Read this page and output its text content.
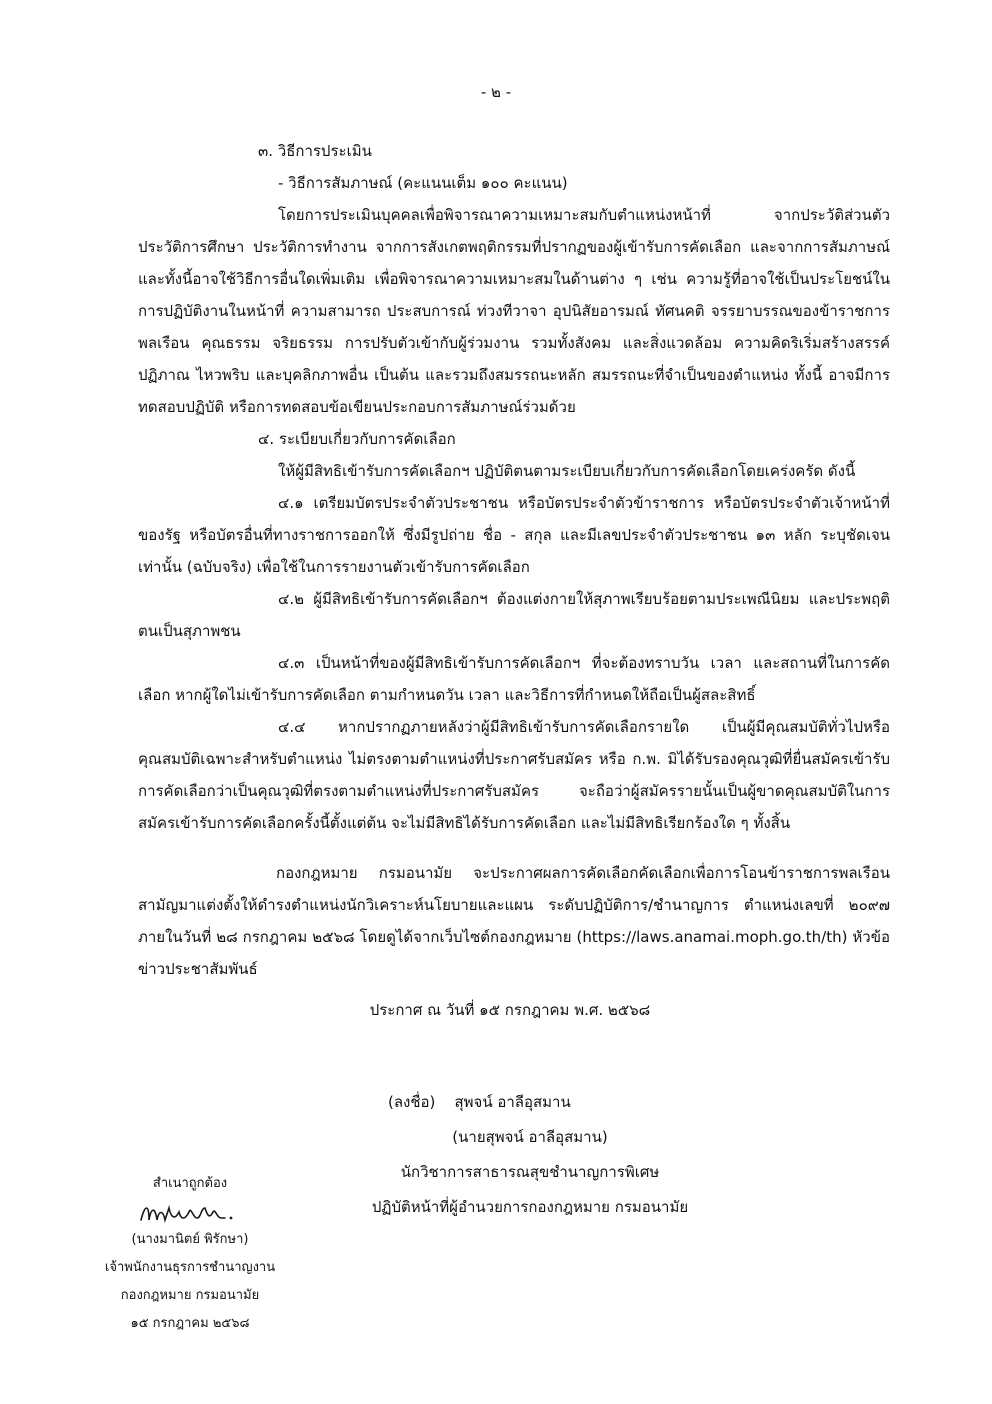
- ๒ -

๓. วิธีการประเมิน

- วิธีการสัมภาษณ์ (คะแนนเต็ม ๑๐๐ คะแนน)

โดยการประเมินบุคคลเพื่อพิจารณาความเหมาะสมกับตำแหน่งหน้าที่ จากประวัติส่วนตัว ประวัติการศึกษา ประวัติการทำงาน จากการสังเกตพฤติกรรมที่ปรากฏของผู้เข้ารับการคัดเลือก และจากการสัมภาษณ์และทั้งนี้อาจใช้วิธีการอื่นใดเพิ่มเติม เพื่อพิจารณาความเหมาะสมในด้านต่าง ๆ เช่น ความรู้ที่อาจใช้เป็นประโยชน์ในการปฏิบัติงานในหน้าที่ ความสามารถ ประสบการณ์ ท่วงทีวาจา อุปนิสัยอารมณ์ ทัศนคติ จรรยาบรรณของข้าราชการพลเรือน คุณธรรม จริยธรรม การปรับตัวเข้ากับผู้ร่วมงาน รวมทั้งสังคม และสิ่งแวดล้อม ความคิดริเริ่มสร้างสรรค์ ปฏิภาณ ไหวพริบ และบุคลิกภาพอื่น เป็นต้น และรวมถึงสมรรถนะหลัก สมรรถนะที่จำเป็นของตำแหน่ง ทั้งนี้ อาจมีการทดสอบปฏิบัติ หรือการทดสอบข้อเขียนประกอบการสัมภาษณ์ร่วมด้วย

๔. ระเบียบเกี่ยวกับการคัดเลือก

ให้ผู้มีสิทธิเข้ารับการคัดเลือกฯ ปฏิบัติตนตามระเบียบเกี่ยวกับการคัดเลือกโดยเคร่งครัด ดังนี้

๔.๑ เตรียมบัตรประจำตัวประชาชน หรือบัตรประจำตัวข้าราชการ หรือบัตรประจำตัวเจ้าหน้าที่ของรัฐ หรือบัตรอื่นที่ทางราชการออกให้ ซึ่งมีรูปถ่าย ชื่อ - สกุล และมีเลขประจำตัวประชาชน ๑๓ หลัก ระบุชัดเจนเท่านั้น (ฉบับจริง) เพื่อใช้ในการรายงานตัวเข้ารับการคัดเลือก

๔.๒ ผู้มีสิทธิเข้ารับการคัดเลือกฯ ต้องแต่งกายให้สุภาพเรียบร้อยตามประเพณีนิยม และประพฤติตนเป็นสุภาพชน

๔.๓ เป็นหน้าที่ของผู้มีสิทธิเข้ารับการคัดเลือกฯ ที่จะต้องทราบวัน เวลา และสถานที่ในการคัดเลือก หากผู้ใดไม่เข้ารับการคัดเลือก ตามกำหนดวัน เวลา และวิธีการที่กำหนดให้ถือเป็นผู้สละสิทธิ์

๔.๔ หากปรากฏภายหลังว่าผู้มีสิทธิเข้ารับการคัดเลือกรายใด เป็นผู้มีคุณสมบัติทั่วไปหรือคุณสมบัติเฉพาะสำหรับตำแหน่ง ไม่ตรงตามตำแหน่งที่ประกาศรับสมัคร หรือ ก.พ. มิได้รับรองคุณวุฒิที่ยื่นสมัครเข้ารับการคัดเลือกว่าเป็นคุณวุฒิที่ตรงตามตำแหน่งที่ประกาศรับสมัคร จะถือว่าผู้สมัครรายนั้นเป็นผู้ขาดคุณสมบัติในการสมัครเข้ารับการคัดเลือกครั้งนี้ตั้งแต่ต้น จะไม่มีสิทธิได้รับการคัดเลือก และไม่มีสิทธิเรียกร้องใด ๆ ทั้งสิ้น

กองกฎหมาย กรมอนามัย จะประกาศผลการคัดเลือกคัดเลือกเพื่อการโอนข้าราชการพลเรือนสามัญมาแต่งตั้งให้ดำรงตำแหน่งนักวิเคราะห์นโยบายและแผน ระดับปฏิบัติการ/ชำนาญการ ตำแหน่งเลขที่ ๒๐๙๗ ภายในวันที่ ๒๘ กรกฎาคม ๒๕๖๘ โดยดูได้จากเว็บไซต์กองกฎหมาย (https://laws.anamai.moph.go.th/th) หัวข้อข่าวประชาสัมพันธ์

ประกาศ ณ วันที่ ๑๕ กรกฎาคม พ.ศ. ๒๕๖๘
(ลงชื่อ) สุพจน์ อาลีอุสมาน
(นายสุพจน์ อาลีอุสมาน)
นักวิชาการสาธารณสุขชำนาญการพิเศษ
ปฏิบัติหน้าที่ผู้อำนวยการกองกฎหมาย กรมอนามัย
สำเนาถูกต้อง
(นางมานิตย์ พิรักษา)
เจ้าพนักงานธุรการชำนาญงาน
กองกฎหมาย กรมอนามัย
๑๕ กรกฎาคม ๒๕๖๘
